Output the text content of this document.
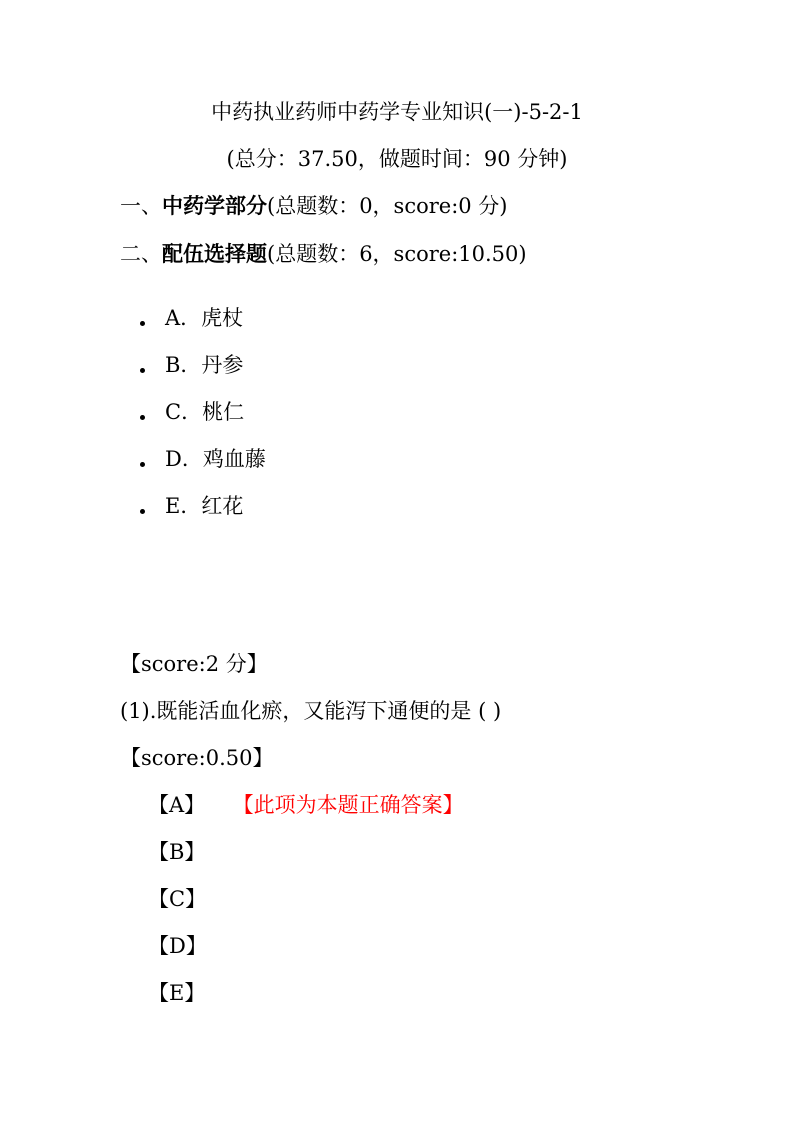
中药执业药师中药学专业知识(一)-5-2-1
(总分：37.50，做题时间：90 分钟)
一、中药学部分(总题数：0，score:0 分)
二、配伍选择题(总题数：6，score:10.50)
A．虎杖
B．丹参
C．桃仁
D．鸡血藤
E．红花
【score:2 分】
(1).既能活血化瘀，又能泻下通便的是 ( )
【score:0.50】
【A】 【此项为本题正确答案】
【B】
【C】
【D】
【E】
